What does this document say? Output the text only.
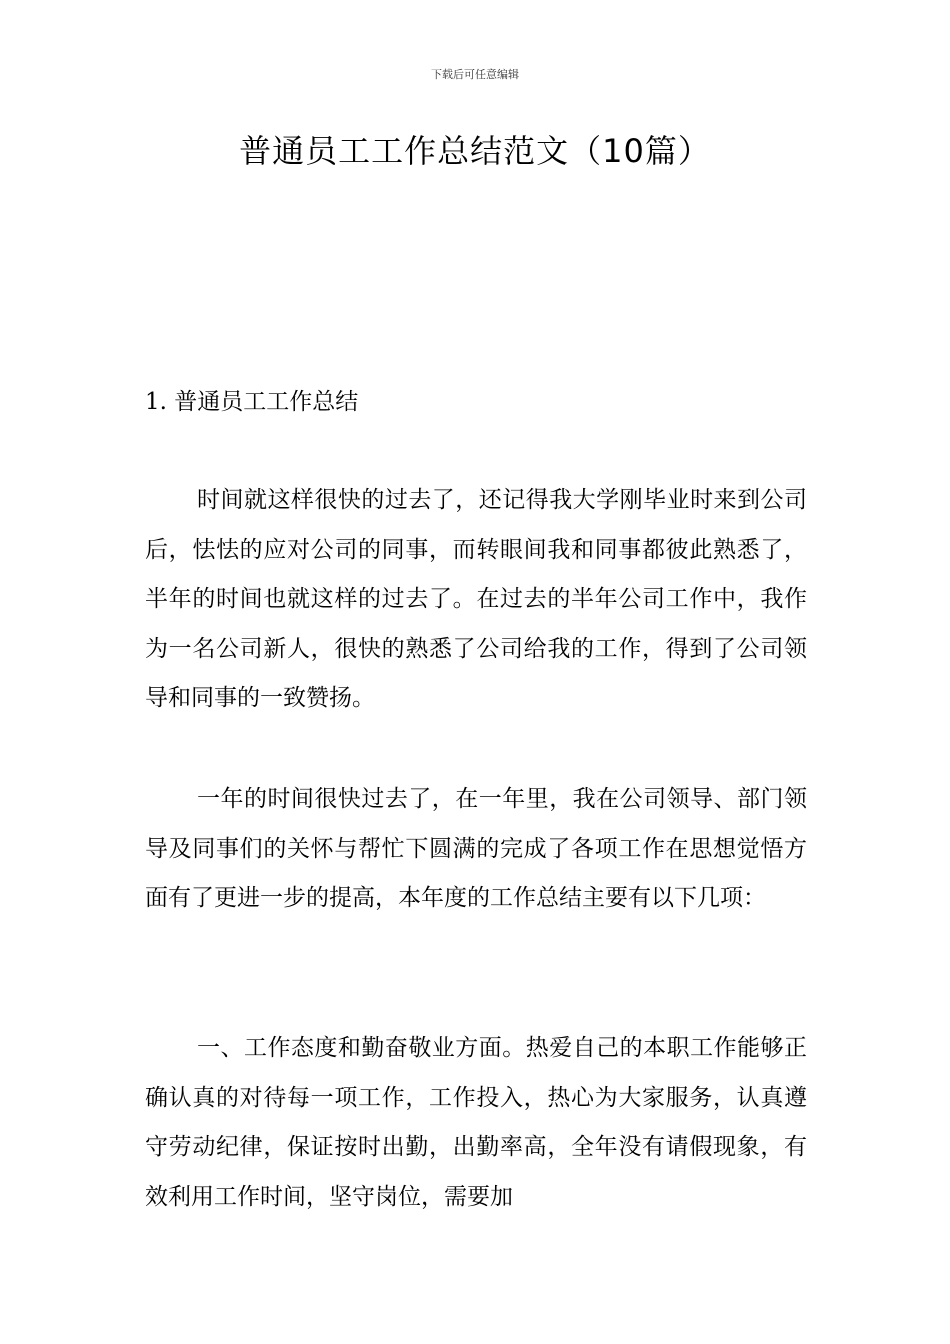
下载后可任意编辑
普通员工工作总结范文（10篇）
1. 普通员工工作总结

时间就这样很快的过去了，还记得我大学刚毕业时来到公司后，怯怯的应对公司的同事，而转眼间我和同事都彼此熟悉了，半年的时间也就这样的过去了。在过去的半年公司工作中，我作为一名公司新人，很快的熟悉了公司给我的工作，得到了公司领导和同事的一致赞扬。

一年的时间很快过去了，在一年里，我在公司领导、部门领导及同事们的关怀与帮忙下圆满的完成了各项工作在思想觉悟方面有了更进一步的提高，本年度的工作总结主要有以下几项：

一、工作态度和勤奋敬业方面。热爱自己的本职工作能够正确认真的对待每一项工作，工作投入，热心为大家服务，认真遵守劳动纪律，保证按时出勤，出勤率高，全年没有请假现象，有效利用工作时间，坚守岗位，需要加
